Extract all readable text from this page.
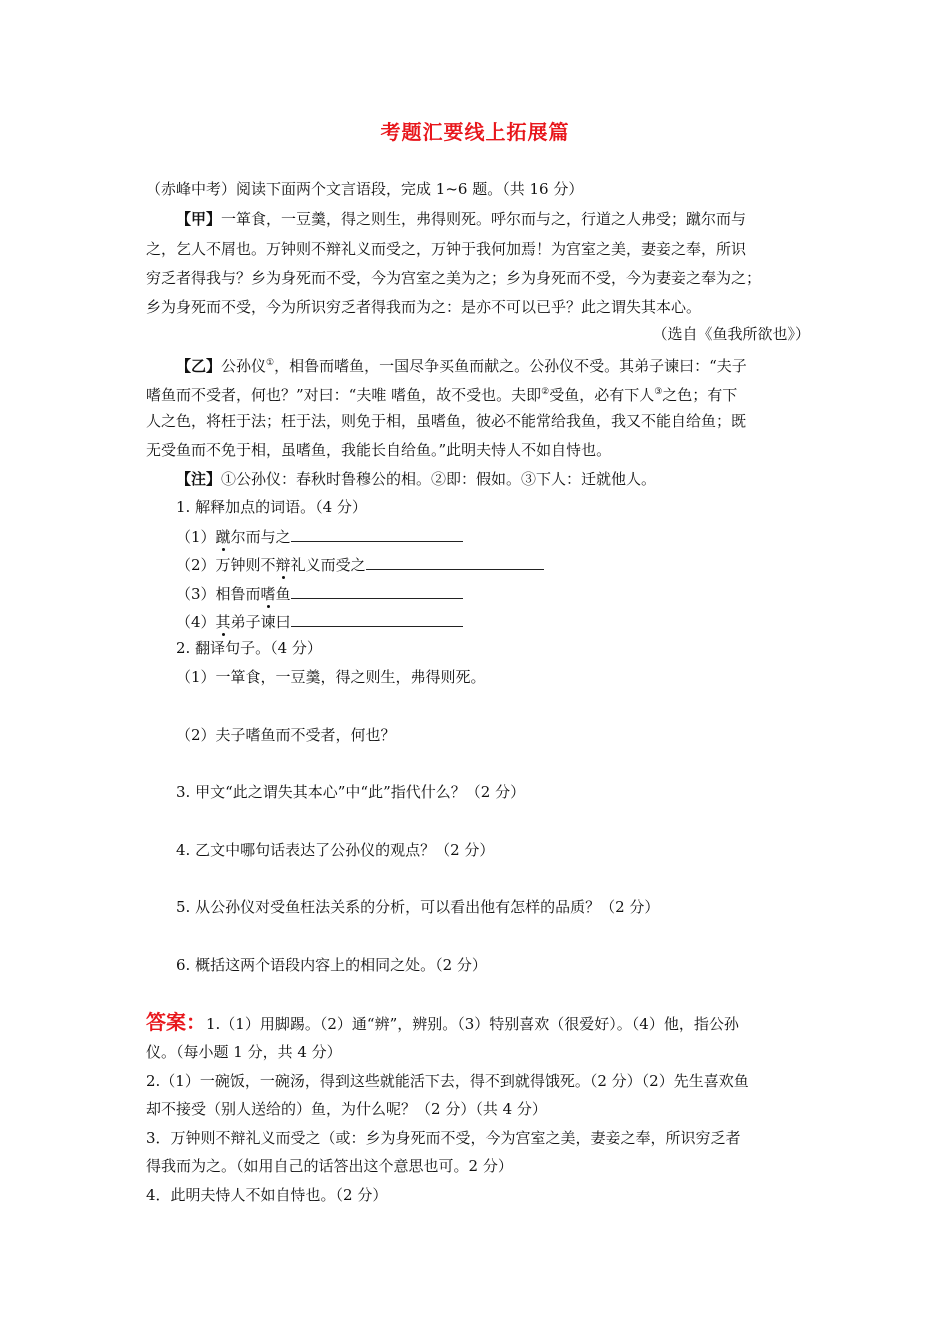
考题汇要线上拓展篇
（赤峰中考）阅读下面两个文言语段，完成 1~6 题。（共 16 分）
【甲】一箪食，一豆羹，得之则生，弗得则死。呼尔而与之，行道之人弗受；蹴尔而与
之，乞人不屑也。万钟则不辩礼义而受之，万钟于我何加焉！为宫室之美，妻妾之奉，所识
穷乏者得我与？乡为身死而不受，今为宫室之美为之；乡为身死而不受，今为妻妾之奉为之；
乡为身死而不受，今为所识穷乏者得我而为之：是亦不可以已乎？此之谓失其本心。
（选自《鱼我所欲也》）
【乙】公孙仪①，相鲁而嗜鱼，一国尽争买鱼而献之。公孙仪不受。其弟子谏曰：“夫子
嗜鱼而不受者，何也？”对曰：“夫唯 嗜鱼，故不受也。夫即②受鱼，必有下人③之色；有下
人之色，将枉于法；枉于法，则免于相，虽嗜鱼，彼必不能常给我鱼，我又不能自给鱼；既
无受鱼而不免于相，虽嗜鱼，我能长自给鱼。”此明夫恃人不如自恃也。
【注】①公孙仪：春秋时鲁穆公的相。②即：假如。③下人：迁就他人。
1. 解释加点的词语。（4 分）
（1）蹴尔而与之
（2）万钟则不辩礼义而受之
（3）相鲁而嗜鱼
（4）其弟子谏曰
2. 翻译句子。（4 分）
（1）一箪食，一豆羹，得之则生，弗得则死。
（2）夫子嗜鱼而不受者，何也？
3. 甲文“此之谓失其本心”中“此”指代什么？（2 分）
4. 乙文中哪句话表达了公孙仪的观点？（2 分）
5. 从公孙仪对受鱼枉法关系的分析，可以看出他有怎样的品质？（2 分）
6. 概括这两个语段内容上的相同之处。（2 分）
答案：1.（1）用脚踢。（2）通“辨”，辨别。（3）特别喜欢（很爱好）。（4）他，指公孙
仪。（每小题 1 分，共 4 分）
2.（1）一碗饭，一碗汤，得到这些就能活下去，得不到就得饿死。（2 分）（2）先生喜欢鱼
却不接受（别人送给的）鱼，为什么呢？（2 分）（共 4 分）
3．万钟则不辩礼义而受之（或：乡为身死而不受，今为宫室之美，妻妾之奉，所识穷乏者
得我而为之。（如用自己的话答出这个意思也可。2 分）
4．此明夫恃人不如自恃也。（2 分）
